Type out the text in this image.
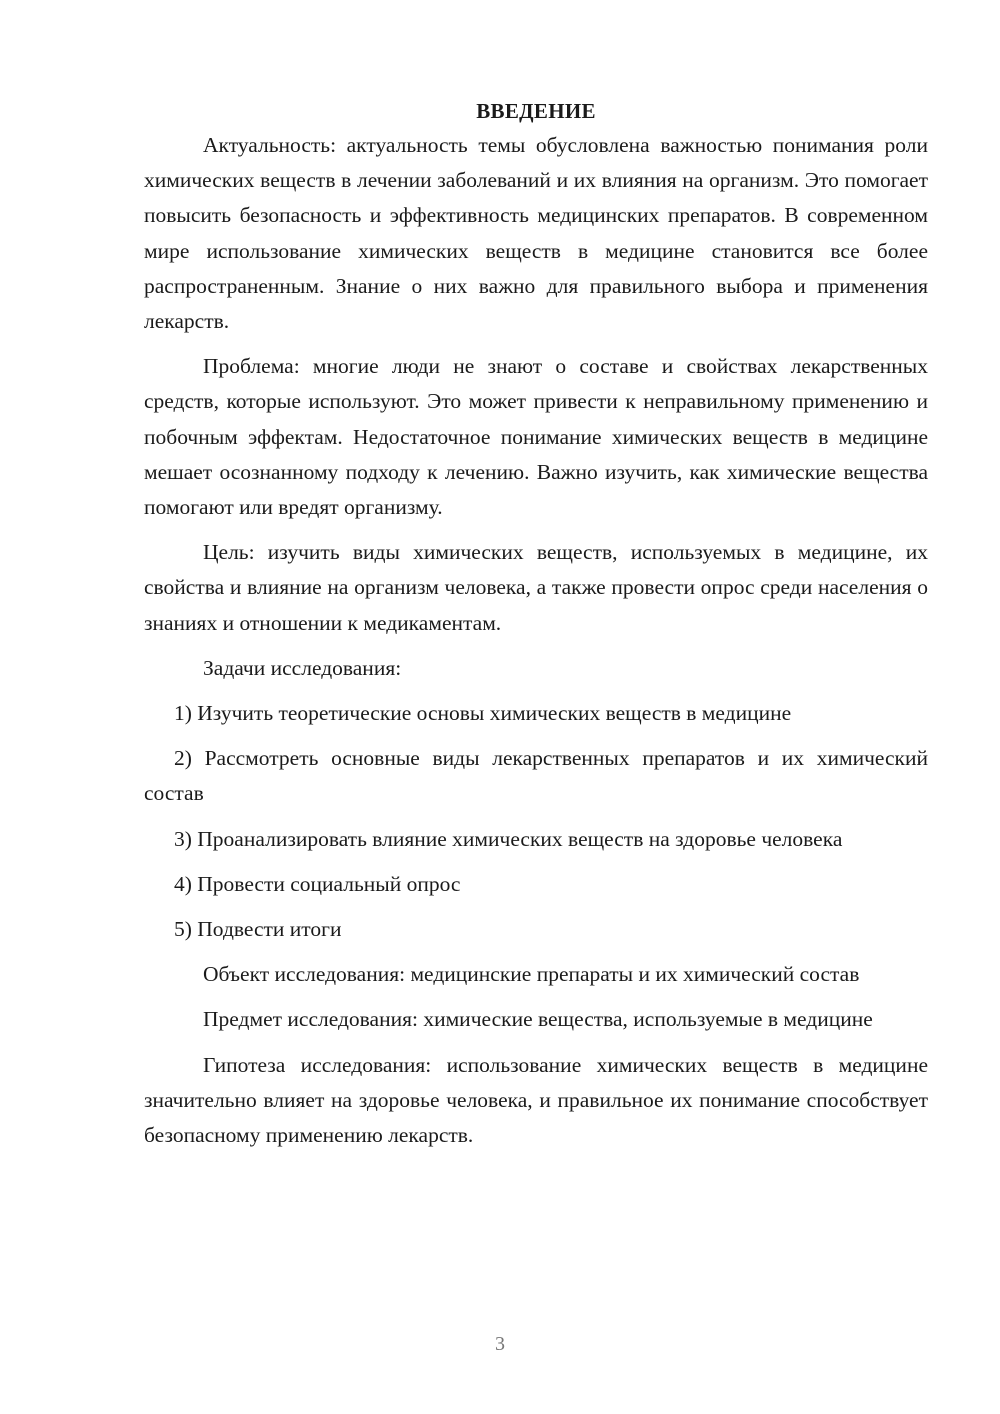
ВВЕДЕНИЕ

Актуальность: актуальность темы обусловлена важностью понимания роли химических веществ в лечении заболеваний и их влияния на организм. Это помогает повысить безопасность и эффективность медицинских препаратов. В современном мире использование химических веществ в медицине становится все более распространенным. Знание о них важно для правильного выбора и применения лекарств.

Проблема: многие люди не знают о составе и свойствах лекарственных средств, которые используют. Это может привести к неправильному применению и побочным эффектам. Недостаточное понимание химических веществ в медицине мешает осознанному подходу к лечению. Важно изучить, как химические вещества помогают или вредят организму.

Цель: изучить виды химических веществ, используемых в медицине, их свойства и влияние на организм человека, а также провести опрос среди населения о знаниях и отношении к медикаментам.

Задачи исследования:

1) Изучить теоретические основы химических веществ в медицине

2) Рассмотреть основные виды лекарственных препаратов и их химический состав

3) Проанализировать влияние химических веществ на здоровье человека

4) Провести социальный опрос

5) Подвести итоги

Объект исследования: медицинские препараты и их химический состав

Предмет исследования: химические вещества, используемые в медицине

Гипотеза исследования: использование химических веществ в медицине значительно влияет на здоровье человека, и правильное их понимание способствует безопасному применению лекарств.

3
